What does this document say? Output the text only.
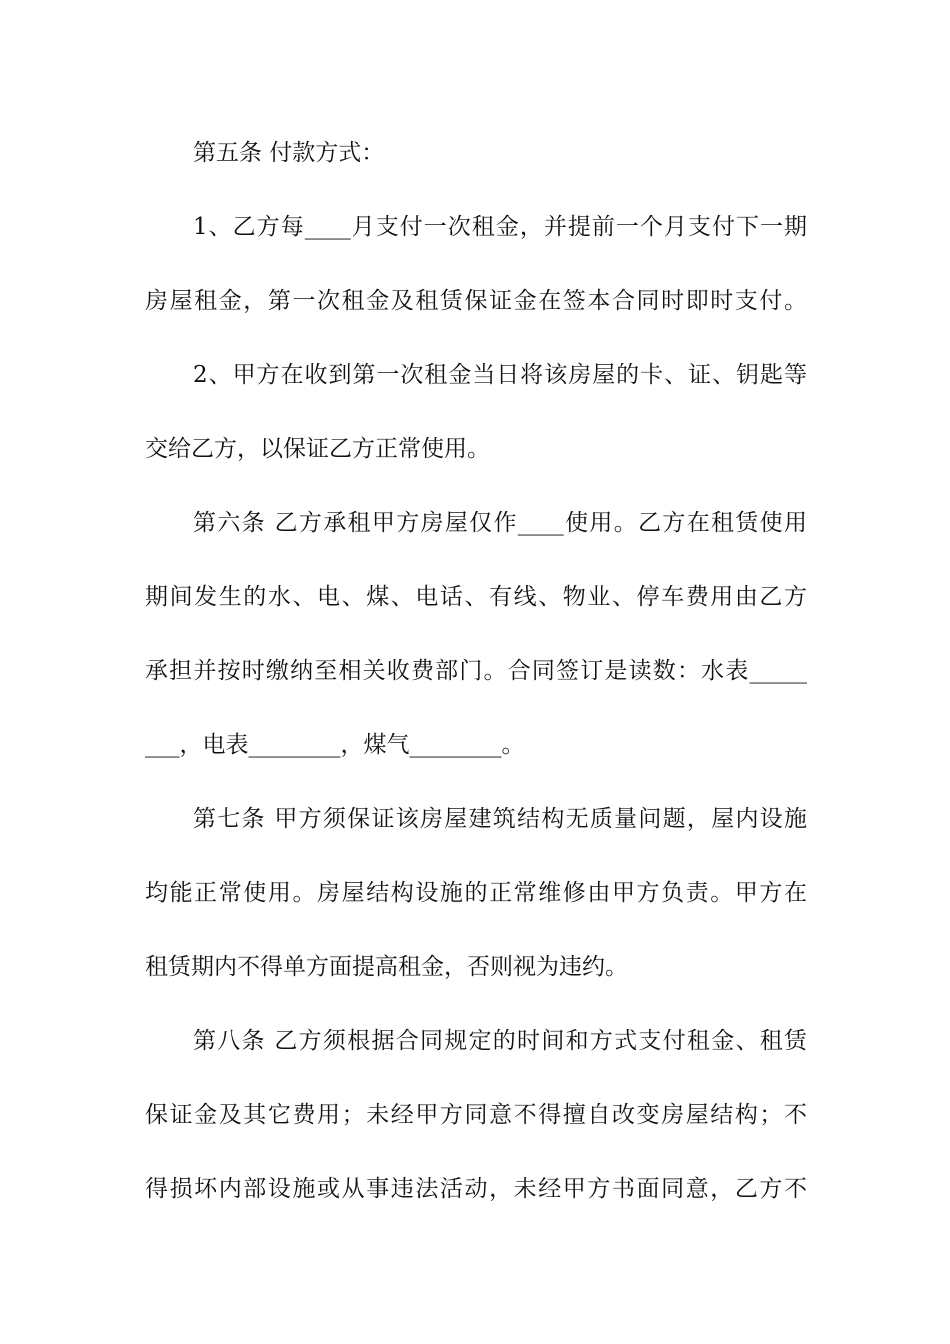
第五条 付款方式：
1、乙方每____月支付一次租金，并提前一个月支付下一期
房屋租金，第一次租金及租赁保证金在签本合同时即时支付。
2、甲方在收到第一次租金当日将该房屋的卡、证、钥匙等
交给乙方，以保证乙方正常使用。
第六条 乙方承租甲方房屋仅作____使用。乙方在租赁使用
期间发生的水、电、煤、电话、有线、物业、停车费用由乙方
承担并按时缴纳至相关收费部门。合同签订是读数：水表_____
___，电表________，煤气________。
第七条 甲方须保证该房屋建筑结构无质量问题，屋内设施
均能正常使用。房屋结构设施的正常维修由甲方负责。甲方在
租赁期内不得单方面提高租金，否则视为违约。
第八条 乙方须根据合同规定的时间和方式支付租金、租赁
保证金及其它费用；未经甲方同意不得擅自改变房屋结构；不
得损坏内部设施或从事违法活动，未经甲方书面同意，乙方不
